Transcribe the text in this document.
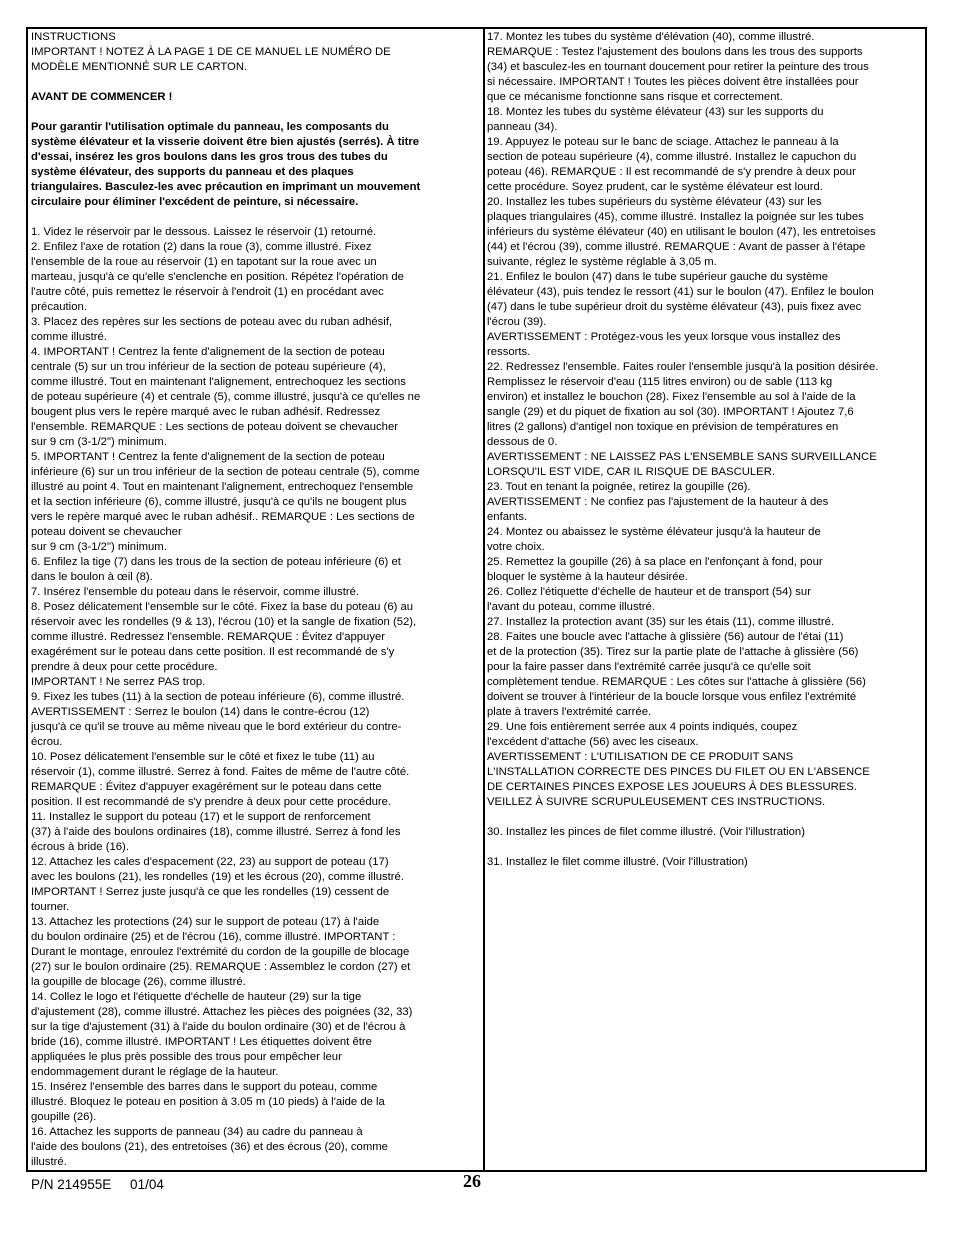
INSTRUCTIONS
IMPORTANT ! NOTEZ À LA PAGE 1 DE CE MANUEL LE NUMÉRO DE
MODÈLE MENTIONNÉ SUR LE CARTON.
AVANT DE COMMENCER !
Pour garantir l'utilisation optimale du panneau, les composants du
système élévateur et la visserie doivent être bien ajustés (serrés). À titre
d'essai, insérez les gros boulons dans les gros trous des tubes du
système élévateur, des supports du panneau et des plaques
triangulaires. Basculez-les avec précaution en imprimant un mouvement
circulaire pour éliminer l'excédent de peinture, si nécessaire.
1. Videz le réservoir par le dessous. Laissez le réservoir (1) retourné.
2. Enfilez l'axe de rotation (2) dans la roue (3), comme illustré. Fixez
l'ensemble de la roue au réservoir (1) en tapotant sur la roue avec un
marteau, jusqu'à ce qu'elle s'enclenche en position. Répétez l'opération de
l'autre côté, puis remettez le réservoir à l'endroit (1) en procédant avec
précaution.
3. Placez des repères sur les sections de poteau avec du ruban adhésif,
comme illustré.
4. IMPORTANT ! Centrez la fente d'alignement de la section de poteau
centrale (5) sur un trou inférieur de la section de poteau supérieure (4),
comme illustré. Tout en maintenant l'alignement, entrechoquez les sections
de poteau supérieure (4) et centrale (5), comme illustré, jusqu'à ce qu'elles ne
bougent plus vers le repère marqué avec le ruban adhésif. Redressez
l'ensemble. REMARQUE : Les sections de poteau doivent se chevaucher
sur 9 cm (3-1/2") minimum.
5. IMPORTANT ! Centrez la fente d'alignement de la section de poteau
inférieure (6) sur un trou inférieur de la section de poteau centrale (5), comme
illustré au point 4. Tout en maintenant l'alignement, entrechoquez l'ensemble
et la section inférieure (6), comme illustré, jusqu'à ce qu'ils ne bougent plus
vers le repère marqué avec le ruban adhésif.. REMARQUE : Les sections de
poteau doivent se chevaucher
sur 9 cm (3-1/2") minimum.
6. Enfilez la tige (7) dans les trous de la section de poteau inférieure (6) et
dans le boulon à œil (8).
7. Insérez l'ensemble du poteau dans le réservoir, comme illustré.
8. Posez délicatement l'ensemble sur le côté. Fixez la base du poteau (6) au
réservoir avec les rondelles (9 & 13), l'écrou (10) et la sangle de fixation (52),
comme illustré. Redressez l'ensemble. REMARQUE : Évitez d'appuyer
exagérément sur le poteau dans cette position. Il est recommandé de s'y
prendre à deux pour cette procédure.
IMPORTANT ! Ne serrez PAS trop.
9. Fixez les tubes (11) à la section de poteau inférieure (6), comme illustré.
AVERTISSEMENT : Serrez le boulon (14) dans le contre-écrou (12)
jusqu'à ce qu'il se trouve au même niveau que le bord extérieur du contre-
écrou.
10. Posez délicatement l'ensemble sur le côté et fixez le tube (11) au
réservoir (1), comme illustré. Serrez à fond. Faites de même de l'autre côté.
REMARQUE : Évitez d'appuyer exagérément sur le poteau dans cette
position. Il est recommandé de s'y prendre à deux pour cette procédure.
11. Installez le support du poteau (17) et le support de renforcement
(37) à l'aide des boulons ordinaires (18), comme illustré. Serrez à fond les
écrous à bride (16).
12. Attachez les cales d'espacement (22, 23) au support de poteau (17)
avec les boulons (21), les rondelles (19) et les écrous (20), comme illustré.
IMPORTANT ! Serrez juste jusqu'à ce que les rondelles (19) cessent de
tourner.
13. Attachez les protections (24) sur le support de poteau (17) à l'aide
du boulon ordinaire (25) et de l'écrou (16), comme illustré. IMPORTANT :
Durant le montage, enroulez l'extrémité du cordon de la goupille de blocage
(27) sur le boulon ordinaire (25). REMARQUE : Assemblez le cordon (27) et
la goupille de blocage (26), comme illustré.
14. Collez le logo et l'étiquette d'échelle de hauteur (29) sur la tige
d'ajustement (28), comme illustré. Attachez les pièces des poignées (32, 33)
sur la tige d'ajustement (31) à l'aide du boulon ordinaire (30) et de l'écrou à
bride (16), comme illustré. IMPORTANT ! Les étiquettes doivent être
appliquées le plus près possible des trous pour empêcher leur
endommagement durant le réglage de la hauteur.
15. Insérez l'ensemble des barres dans le support du poteau, comme
illustré. Bloquez le poteau en position à 3.05 m (10 pieds) à l'aide de la
goupille (26).
16. Attachez les supports de panneau (34) au cadre du panneau à
l'aide des boulons (21), des entretoises (36) et des écrous (20), comme
illustré.
17. Montez les tubes du système d'élévation (40), comme illustré.
REMARQUE : Testez l'ajustement des boulons dans les trous des supports
(34) et basculez-les en tournant doucement pour retirer la peinture des trous
si nécessaire. IMPORTANT ! Toutes les pièces doivent être installées pour
que ce mécanisme fonctionne sans risque et correctement.
18. Montez les tubes du système élévateur (43) sur les supports du
panneau (34).
19. Appuyez le poteau sur le banc de sciage. Attachez le panneau à la
section de poteau supérieure (4), comme illustré. Installez le capuchon du
poteau (46). REMARQUE : Il est recommandé de s'y prendre à deux pour
cette procédure. Soyez prudent, car le système élévateur est lourd.
20. Installez les tubes supérieurs du système élévateur (43) sur les
plaques triangulaires (45), comme illustré. Installez la poignée sur les tubes
inférieurs du système élévateur (40) en utilisant le boulon (47), les entretoises
(44) et l'écrou (39), comme illustré. REMARQUE : Avant de passer à l'étape
suivante, réglez le système réglable à 3,05 m.
21. Enfilez le boulon (47) dans le tube supérieur gauche du système
élévateur (43), puis tendez le ressort (41) sur le boulon (47). Enfilez le boulon
(47) dans le tube supérieur droit du système élévateur (43), puis fixez avec
l'écrou (39).
AVERTISSEMENT : Protégez-vous les yeux lorsque vous installez des
ressorts.
22. Redressez l'ensemble. Faites rouler l'ensemble jusqu'à la position désirée.
Remplissez le réservoir d'eau (115 litres environ) ou de sable (113 kg
environ) et installez le bouchon (28). Fixez l'ensemble au sol à l'aide de la
sangle (29) et du piquet de fixation au sol (30). IMPORTANT ! Ajoutez 7,6
litres (2 gallons) d'antigel non toxique en prévision de températures en
dessous de 0.
AVERTISSEMENT : NE LAISSEZ PAS L'ENSEMBLE SANS SURVEILLANCE
LORSQU'IL EST VIDE, CAR IL RISQUE DE BASCULER.
23. Tout en tenant la poignée, retirez la goupille (26).
AVERTISSEMENT : Ne confiez pas l'ajustement de la hauteur à des
enfants.
24. Montez ou abaissez le système élévateur jusqu'à la hauteur de
votre choix.
25. Remettez la goupille (26) à sa place en l'enfonçant à fond, pour
bloquer le système à la hauteur désirée.
26. Collez l'étiquette d'échelle de hauteur et de transport (54) sur
l'avant du poteau, comme illustré.
27. Installez la protection avant (35) sur les étais (11), comme illustré.
28. Faites une boucle avec l'attache à glissière (56) autour de l'étai (11)
et de la protection (35). Tirez sur la partie plate de l'attache à glissière (56)
pour la faire passer dans l'extrémité carrée jusqu'à ce qu'elle soit
complètement tendue. REMARQUE : Les côtes sur l'attache à glissière (56)
doivent se trouver à l'intérieur de la boucle lorsque vous enfilez l'extrémité
plate à travers l'extrémité carrée.
29. Une fois entièrement serrée aux 4 points indiqués, coupez
l'excédent d'attache (56) avec les ciseaux.
AVERTISSEMENT : L'UTILISATION DE CE PRODUIT SANS
L'INSTALLATION CORRECTE DES PINCES DU FILET OU EN L'ABSENCE
DE CERTAINES PINCES EXPOSE LES JOUEURS À DES BLESSURES.
VEILLEZ À SUIVRE SCRUPULEUSEMENT CES INSTRUCTIONS.
30. Installez les pinces de filet comme illustré. (Voir l'illustration)
31. Installez le filet comme illustré. (Voir l'illustration)
P/N 214955E     01/04	26
